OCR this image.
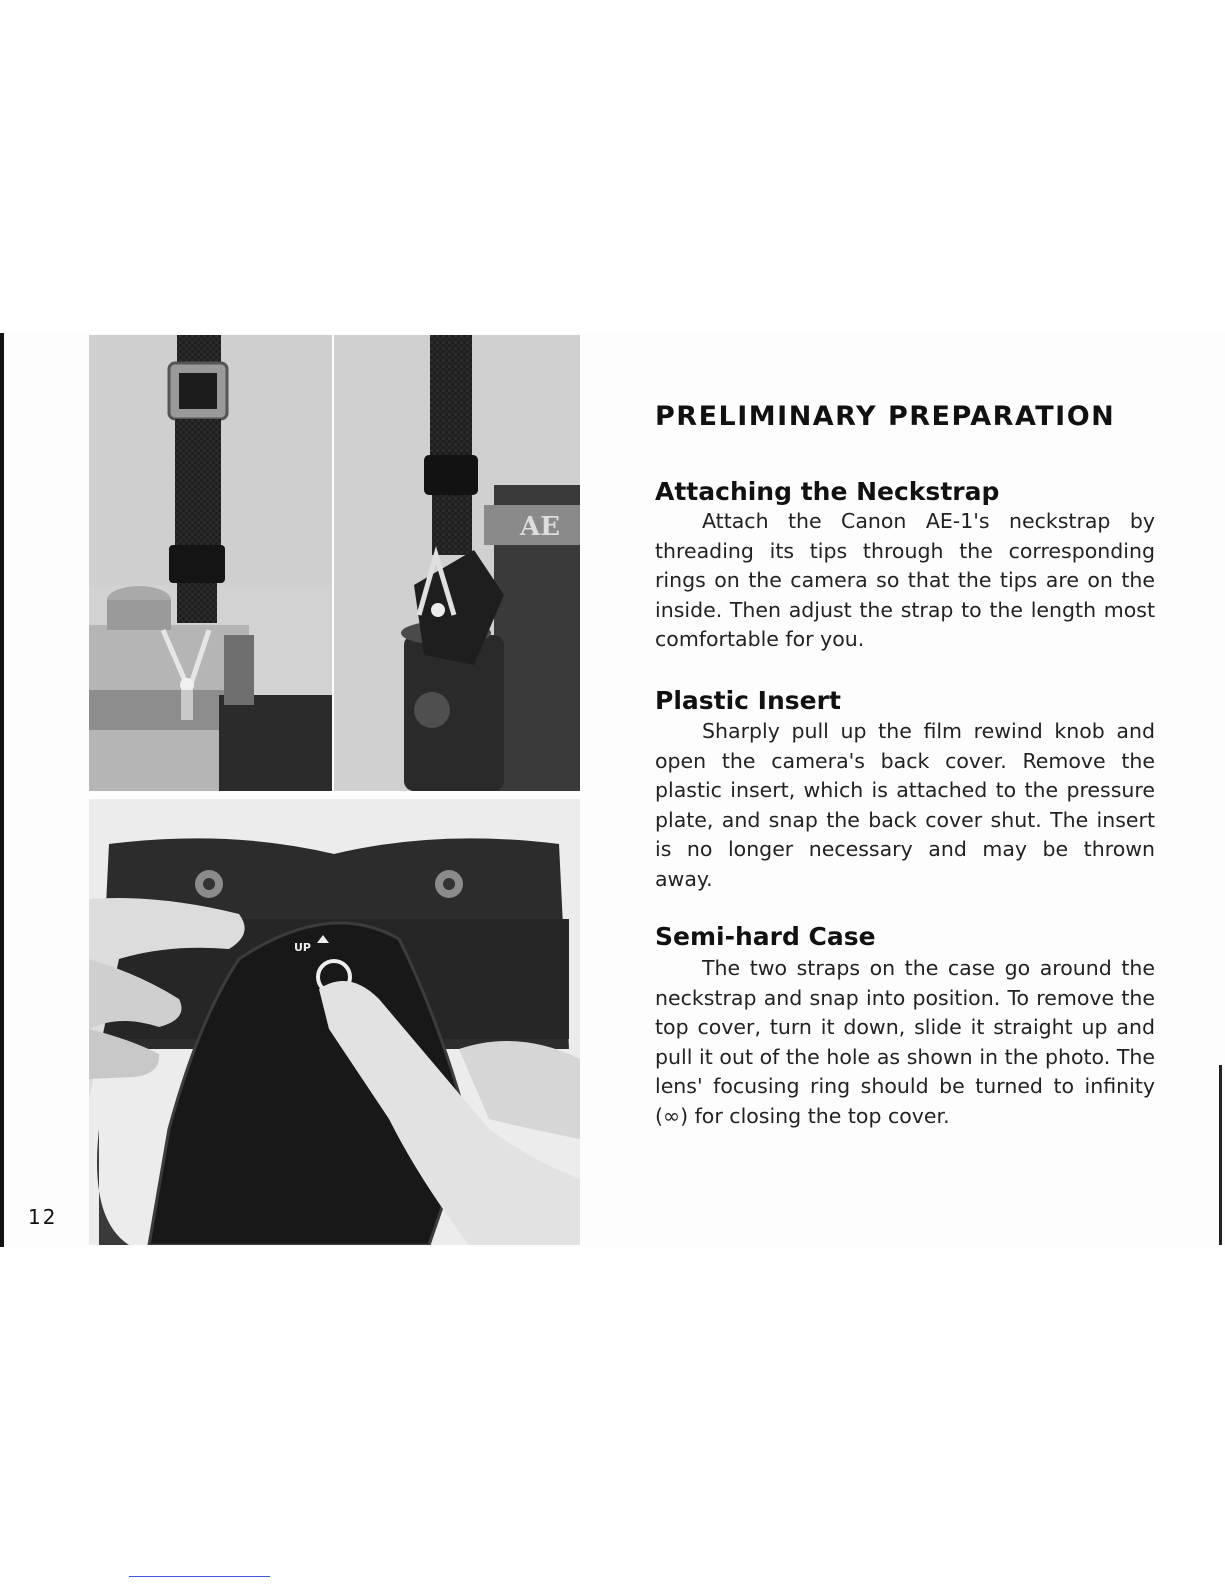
AE
UP
PRELIMINARY PREPARATION
Attaching the Neckstrap
Attach the Canon AE-1's neckstrap by threading its tips through the corresponding rings on the camera so that the tips are on the inside. Then adjust the strap to the length most comfortable for you.
Plastic Insert
Sharply pull up the film rewind knob and open the camera's back cover. Remove the plastic insert, which is attached to the pressure plate, and snap the back cover shut. The insert is no longer necessary and may be thrown away.
Semi-hard Case
The two straps on the case go around the neckstrap and snap into position. To remove the top cover, turn it down, slide it straight up and pull it out of the hole as shown in the photo. The lens' focusing ring should be turned to infinity (∞) for closing the top cover.
12
